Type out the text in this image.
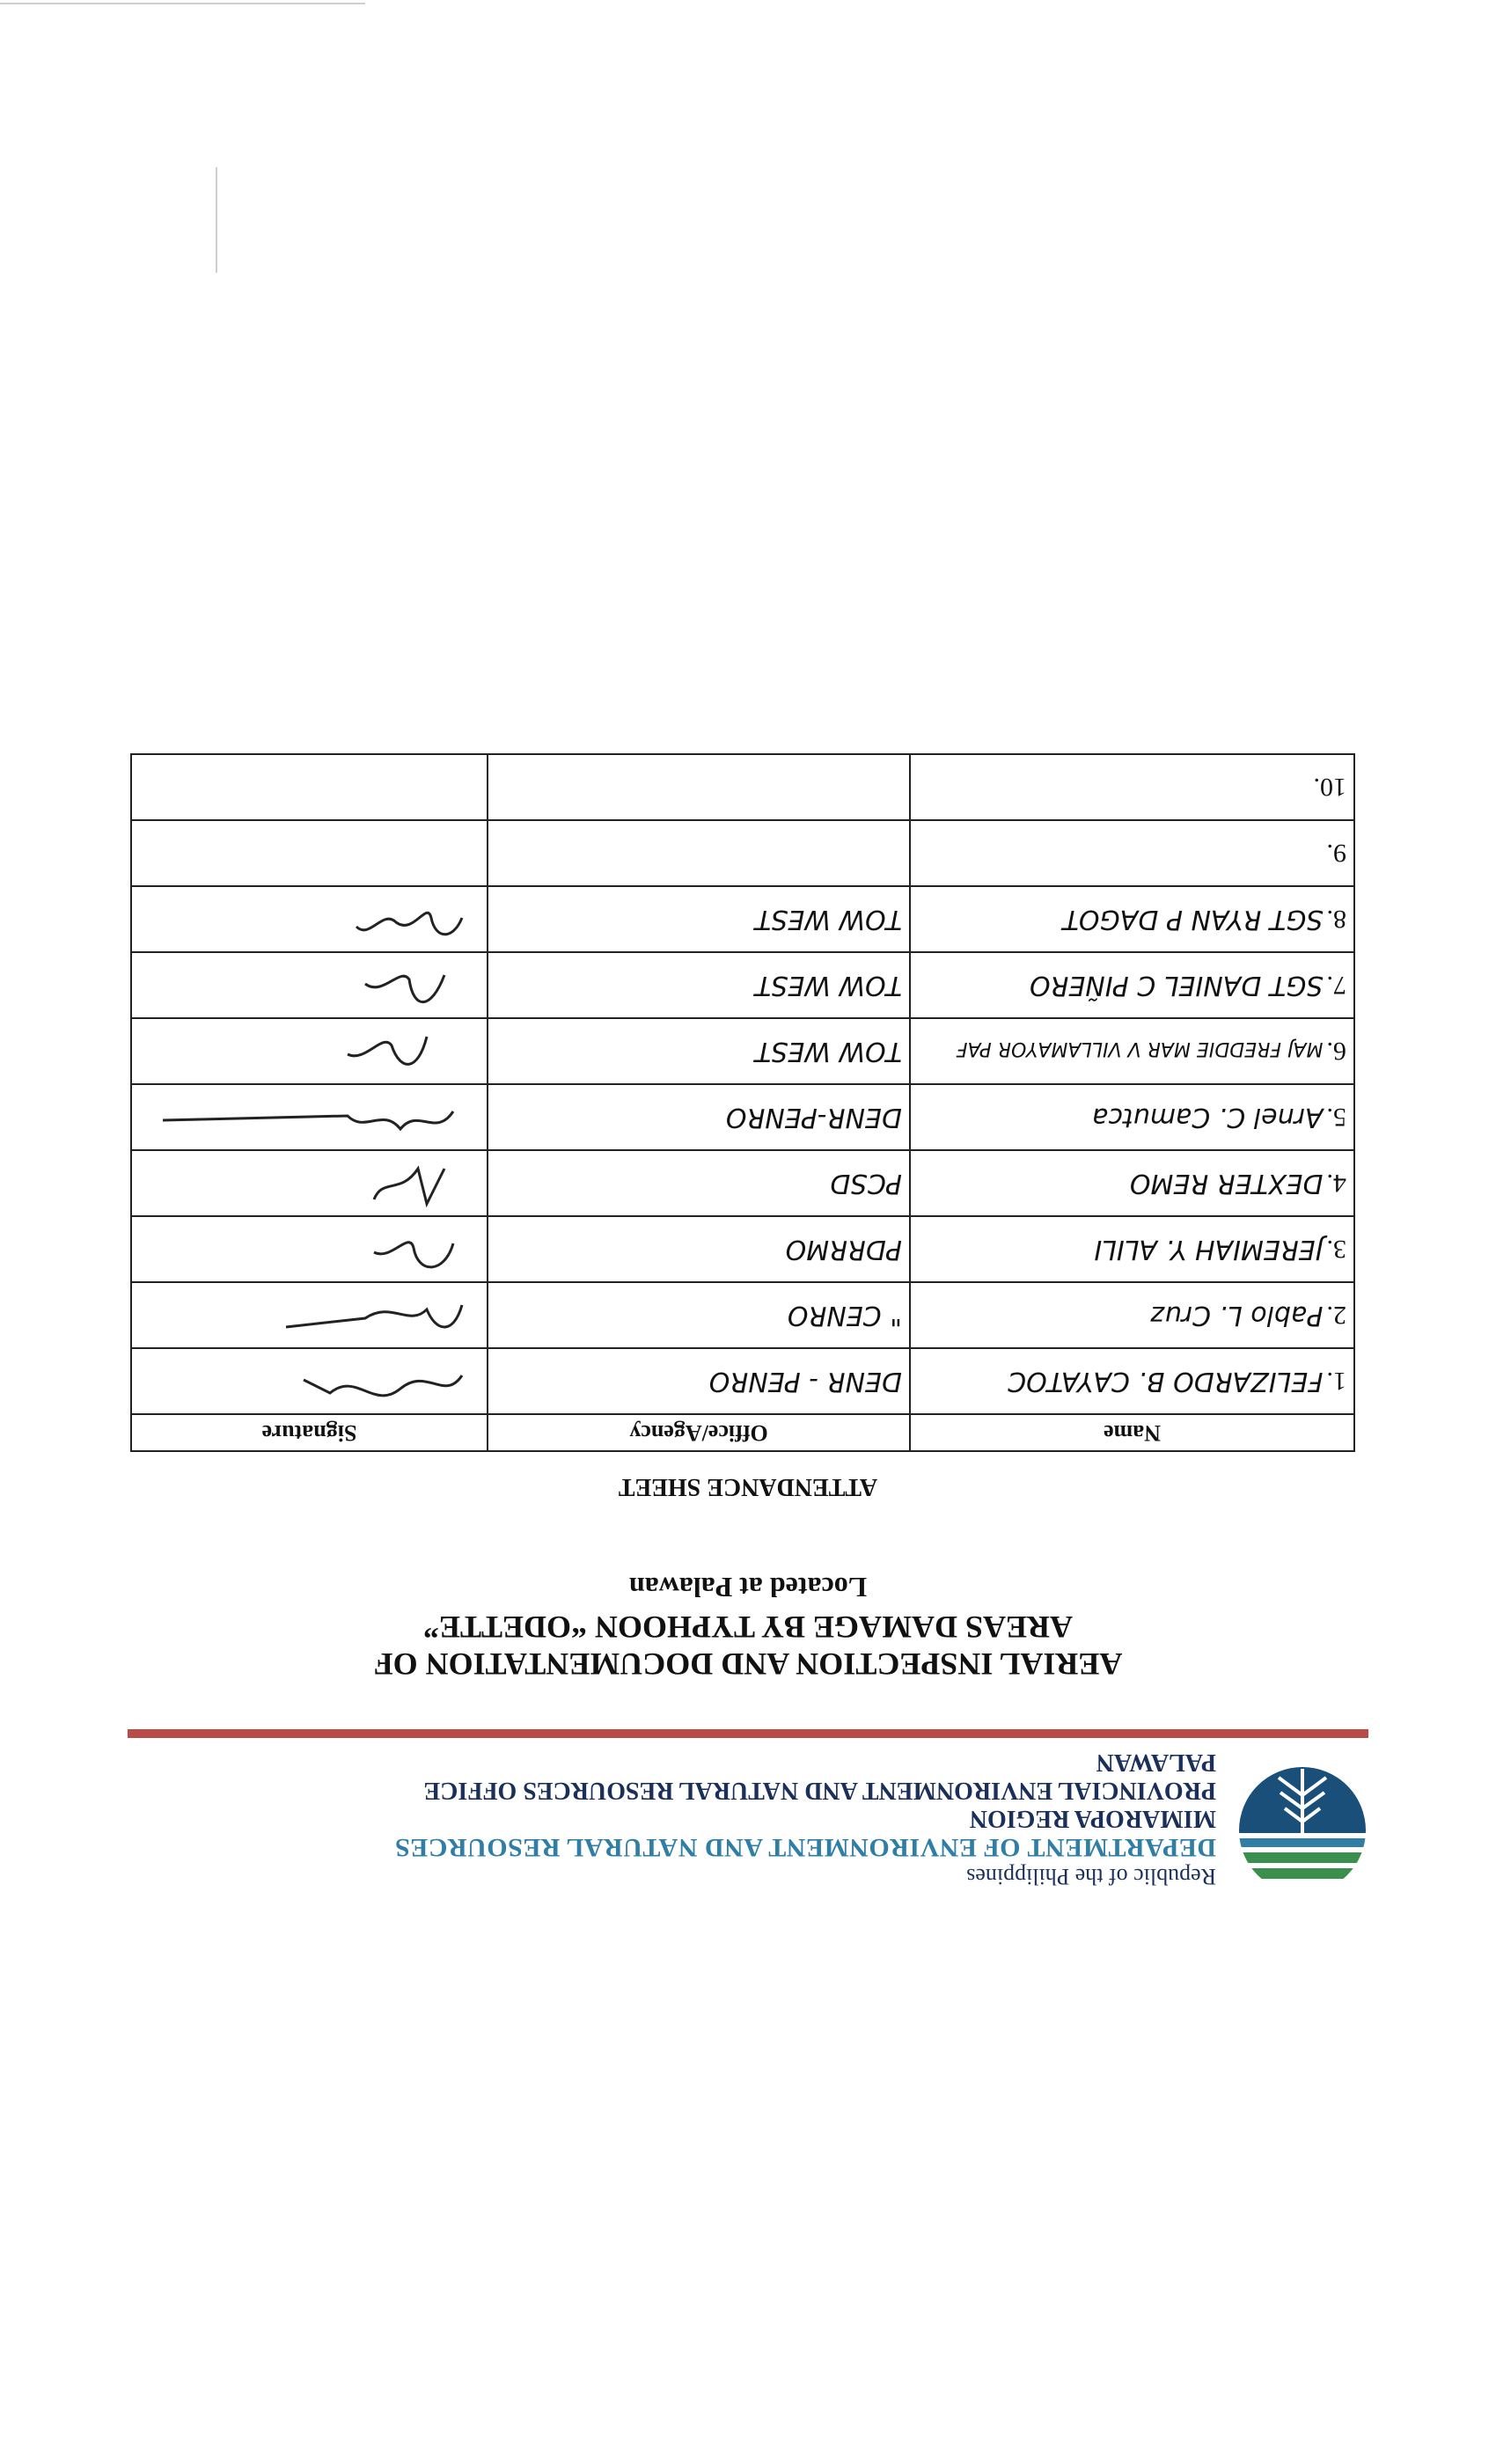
Republic of the Philippines
DEPARTMENT OF ENVIRONMENT AND NATURAL RESOURCES
MIMAROPA REGION
PROVINCIAL ENVIRONMENT AND NATURAL RESOURCES OFFICE
PALAWAN
AERIAL INSPECTION AND DOCUMENTATION OF
AREAS DAMAGE BY TYPHOON “ODETTE”
Located at Palawan
ATTENDANCE SHEET
Name	Office/Agency	Signature
1.FELIZARDO B. CAYATOC	DENR - PENRO	
2.Pablo L. Cruz	" CENRO	
3.JEREMIAH Y. ALILI	PDRRMO	
4.DEXTER REMO	PCSD	
5.Arnel C. Camutca	DENR-PENRO	
6.MAJ FREDDIE MAR V VILLAMAYOR PAF	TOW WEST	
7.SGT DANIEL C PIÑERO	TOW WEST	
8.SGT RYAN P DAGOT	TOW WEST	
9.		
10.		
